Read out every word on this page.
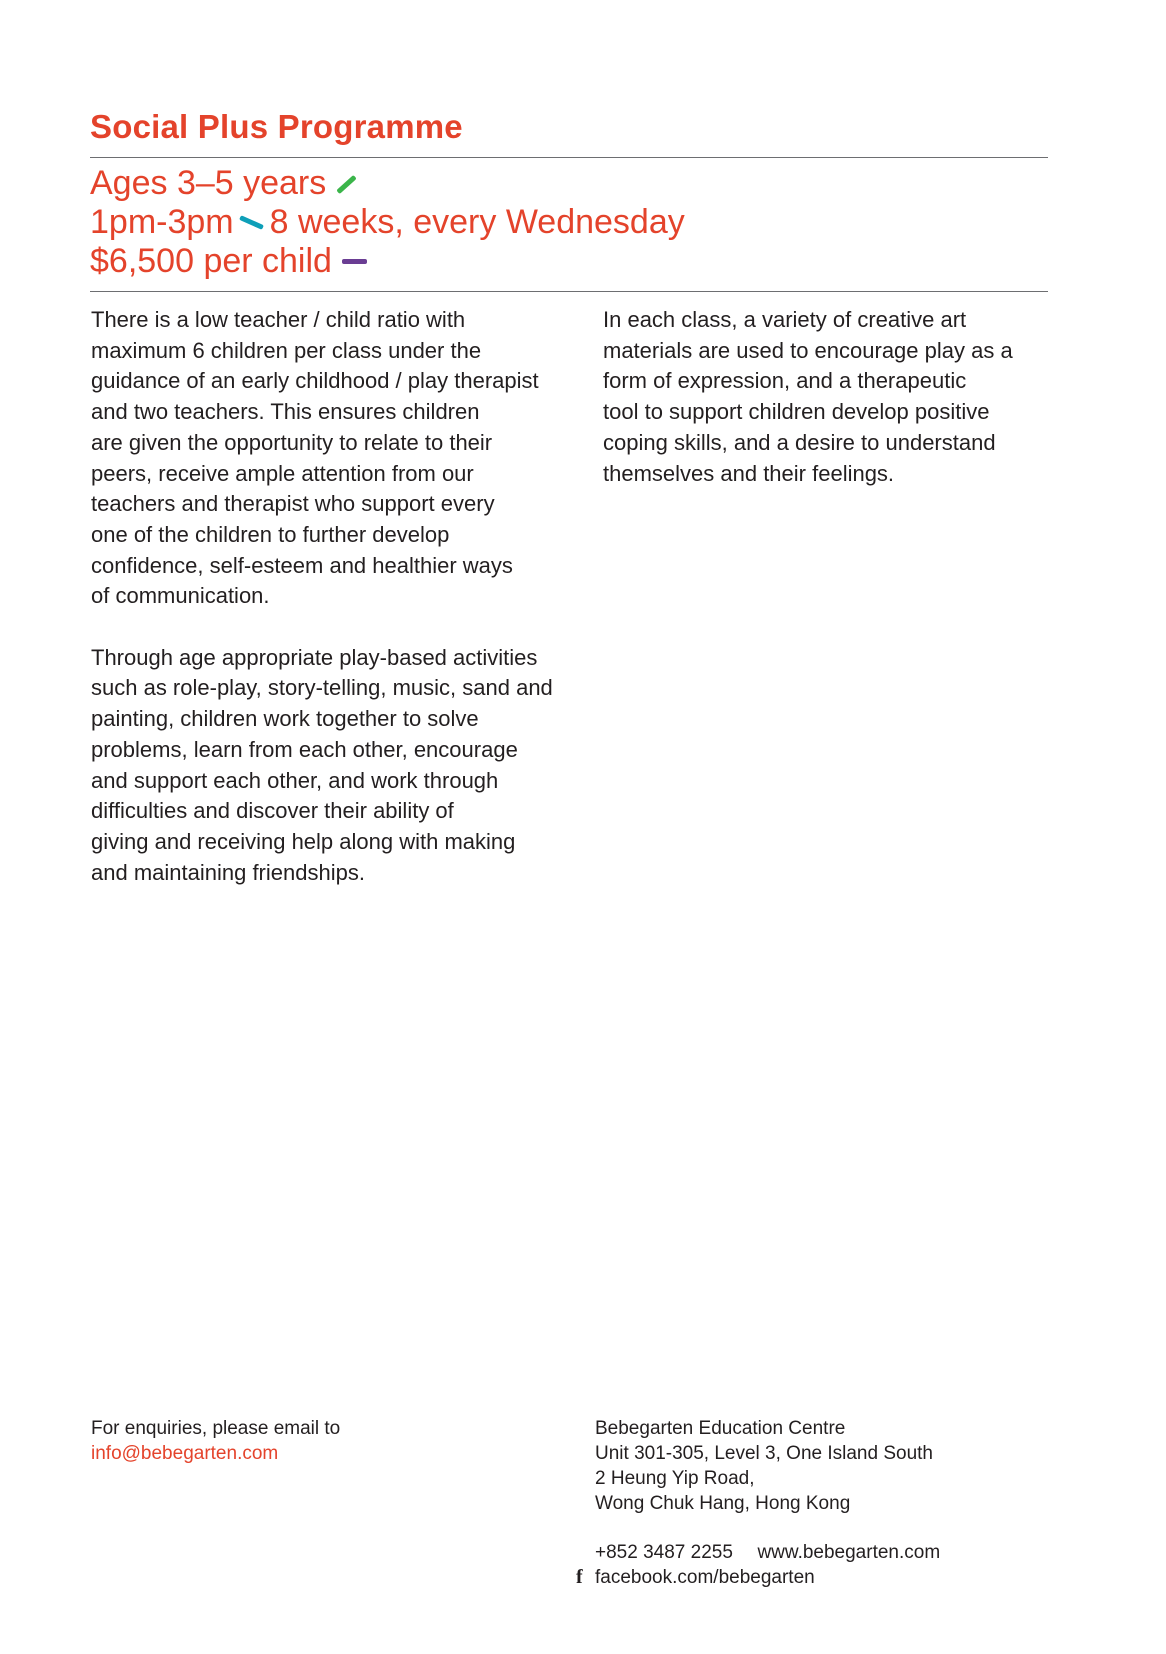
Social Plus Programme
Ages 3–5 years
1pm-3pm 8 weeks, every Wednesday
$6,500 per child

There is a low teacher / child ratio with
maximum 6 children per class under the
guidance of an early childhood / play therapist
and two teachers. This ensures children
are given the opportunity to relate to their
peers, receive ample attention from our
teachers and therapist who support every
one of the children to further develop
confidence, self-esteem and healthier ways
of communication.

Through age appropriate play-based activities
such as role-play, story-telling, music, sand and
painting, children work together to solve
problems, learn from each other, encourage
and support each other, and work through
difficulties and discover their ability of
giving and receiving help along with making
and maintaining friendships.

In each class, a variety of creative art
materials are used to encourage play as a
form of expression, and a therapeutic
tool to support children develop positive
coping skills, and a desire to understand
themselves and their feelings.

For enquiries, please email to
info@bebegarten.com
Bebegarten Education Centre
Unit 301-305, Level 3, One Island South
2 Heung Yip Road,
Wong Chuk Hang, Hong Kong
+852 3487 2255 www.bebegarten.com
f facebook.com/bebegarten
